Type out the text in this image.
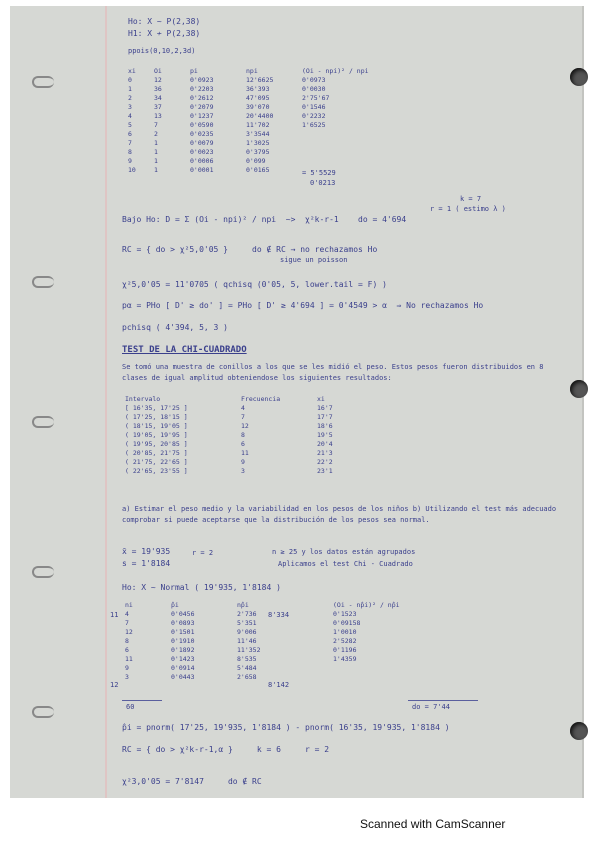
Ho: X ~ P(2,38)
H1: X ≁ P(2,38)
ppois(0,10,2,3d)
xi	Oi	pi	npi	(Oi - npi)² / npi
0	12	0'0923	12'6625	0'0973
1	36	0'2203	36'393	0'0030
2	34	0'2612	47'095	2'75'67
3	37	0'2079	39'070	0'1546
4	13	0'1237	20'4400	0'2232
5	7	0'0590	11'702	1'6525
6	2	0'0235	3'3544	
7	1	0'0079	1'3025	
8	1	0'0023	0'3795	
9	1	0'0006	0'099	
10	1	0'0001	0'0165		= 5'5529
0'0213
k = 7
r = 1 ( estimo λ )
Bajo Ho: D = Σ (Oi - npi)² / npi  ~>  χ²k-r-1    do = 4'694
RC = { do > χ²5,0'05 }     do ∉ RC → no rechazamos Ho
sigue un poisson
χ²5,0'05 = 11'0705 ( qchisq (0'05, 5, lower.tail = F) )
pα = PHo [ D' ≥ do' ] = PHo [ D' ≥ 4'694 ] = 0'4549 > α  ⇒ No rechazamos Ho
pchisq ( 4'394, 5, 3 )
TEST DE LA CHI-CUADRADO
Se tomó una muestra de conillos a los que se les midió el peso. Estos pesos fueron distribuidos en 8 clases de igual amplitud obteniendose los siguientes resultados:
Intervalo	Frecuencia	xi
[ 16'35, 17'25 ]	4	16'7
( 17'25, 18'15 ]	7	17'7
( 18'15, 19'05 ]	12	18'6
( 19'05, 19'95 ]	8	19'5
( 19'95, 20'85 ]	6	20'4
( 20'85, 21'75 ]	11	21'3
( 21'75, 22'65 ]	9	22'2
( 22'65, 23'55 ]	3	23'1
a) Estimar el peso medio y la variabilidad en los pesos de los niños b) Utilizando el test más adecuado comprobar si puede aceptarse que la distribución de los pesos sea normal.
x̄ = 19'935
s = 1'8184
r = 2	n ≥ 25 y los datos están agrupados
Aplicamos el test Chi - Cuadrado
Ho: X ~ Normal ( 19'935, 1'8184 )
ni	p̂i	np̂i	(Oi - np̂i)² / np̂i
4	0'0456	2'736	0'1523
7	0'0893	5'351	0'09158
12	0'1501	9'006	1'0010
8	0'1910	11'46	2'5282
6	0'1892	11'352	0'1196
11	0'1423	8'535	1'4359
9	0'0914	5'484	
3	0'0443	2'658	
8'334
8'142
11
12
60	do = 7'44
p̂i = pnorm( 17'25, 19'935, 1'8184 ) - pnorm( 16'35, 19'935, 1'8184 )
RC = { do > χ²k-r-1,α }     k = 6     r = 2
χ²3,0'05 = 7'8147     do ∉ RC
Scanned with CamScanner
